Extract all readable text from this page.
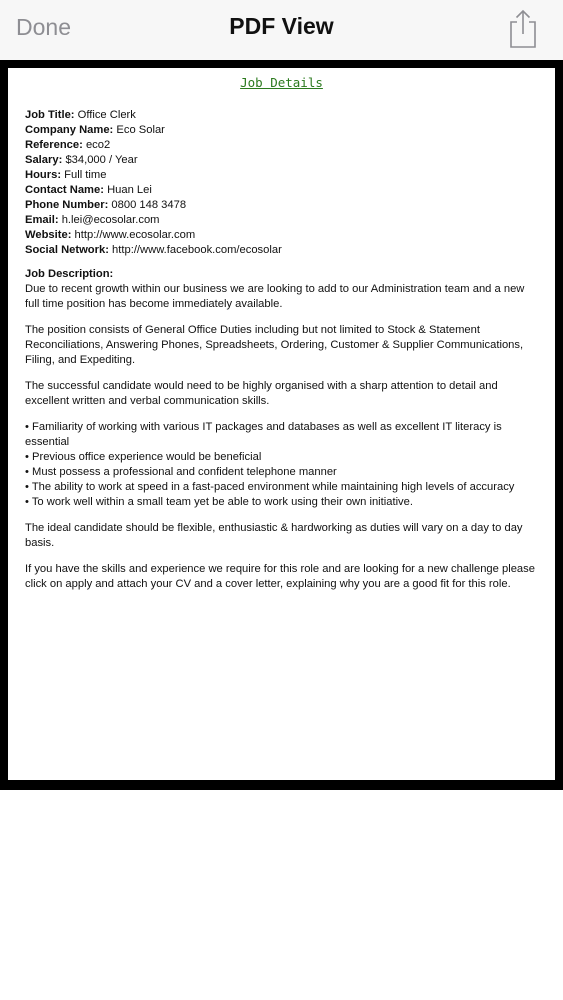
Done	PDF View
Job Details
Job Title: Office Clerk
Company Name: Eco Solar
Reference: eco2
Salary: $34,000 / Year
Hours: Full time
Contact Name: Huan Lei
Phone Number: 0800 148 3478
Email: h.lei@ecosolar.com
Website: http://www.ecosolar.com
Social Network: http://www.facebook.com/ecosolar
Job Description:

Due to recent growth within our business we are looking to add to our Administration team and a new full time position has become immediately available.

The position consists of General Office Duties including but not limited to Stock & Statement Reconciliations, Answering Phones, Spreadsheets, Ordering, Customer & Supplier Communications, Filing, and Expediting.

The successful candidate would need to be highly organised with a sharp attention to detail and excellent written and verbal communication skills.

• Familiarity of working with various IT packages and databases as well as excellent IT literacy is essential
• Previous office experience would be beneficial
• Must possess a professional and confident telephone manner
• The ability to work at speed in a fast-paced environment while maintaining high levels of accuracy
• To work well within a small team yet be able to work using their own initiative.

The ideal candidate should be flexible, enthusiastic & hardworking as duties will vary on a day to day basis.

If you have the skills and experience we require for this role and are looking for a new challenge please click on apply and attach your CV and a cover letter, explaining why you are a good fit for this role.
